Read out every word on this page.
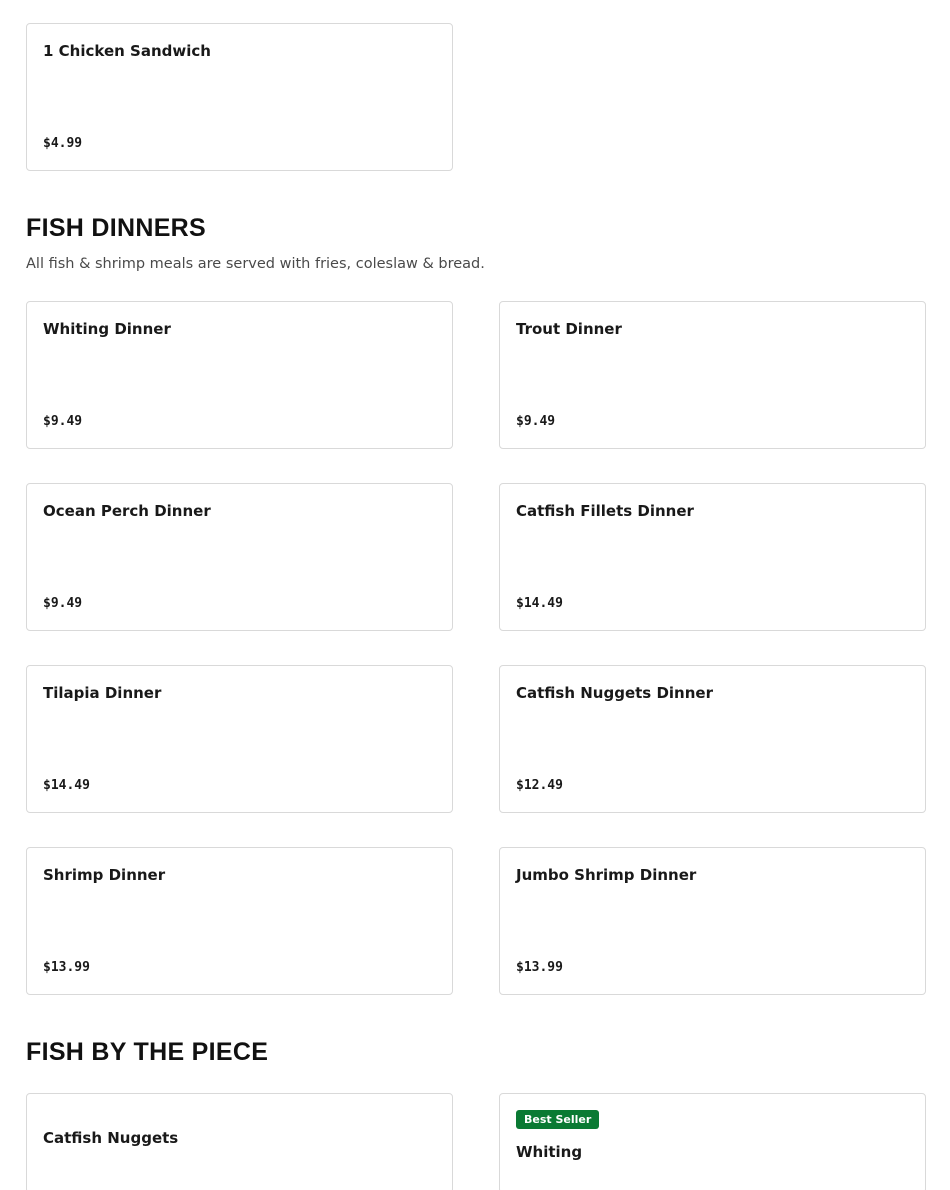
1 Chicken Sandwich
$4.99
FISH DINNERS

All fish & shrimp meals are served with fries, coleslaw & bread.

Whiting Dinner
$9.49
Trout Dinner
$9.49
Ocean Perch Dinner
$9.49
Catfish Fillets Dinner
$14.49
Tilapia Dinner
$14.49
Catfish Nuggets Dinner
$12.49
Shrimp Dinner
$13.99
Jumbo Shrimp Dinner
$13.99
FISH BY THE PIECE
Catfish Nuggets
Best Seller
Whiting
